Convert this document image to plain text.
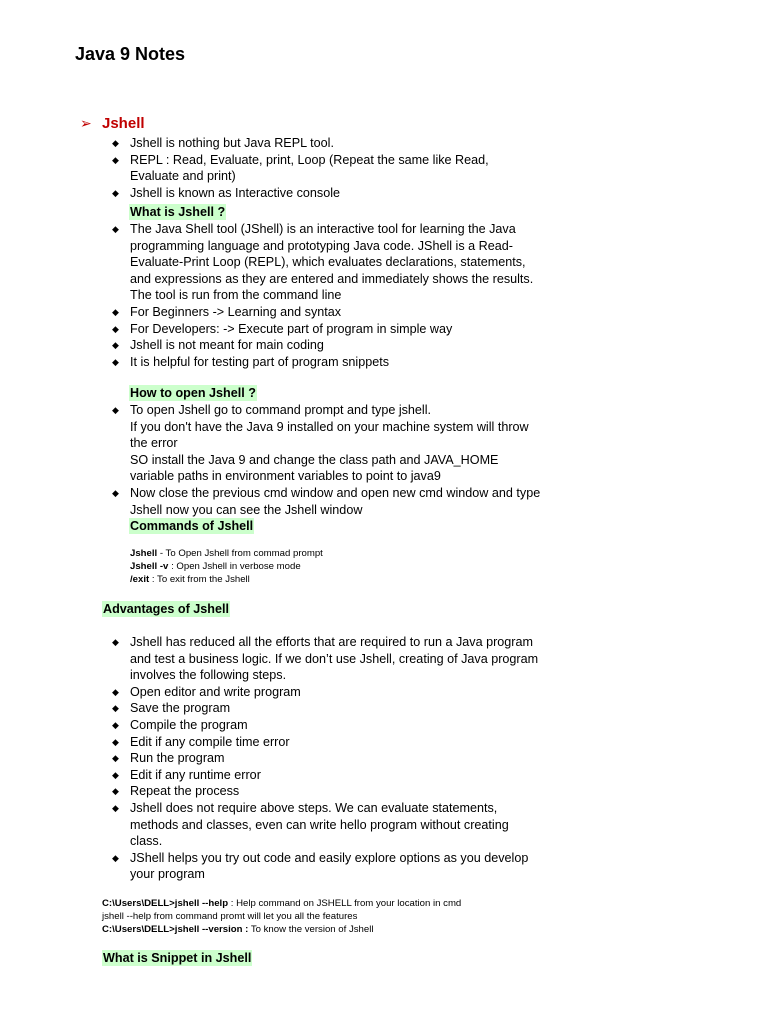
Java 9 Notes
➢ Jshell
◆ Jshell is nothing but Java REPL tool.
◆ REPL : Read, Evaluate, print, Loop (Repeat the same like Read, Evaluate and print)
◆ Jshell is known as Interactive console
What is Jshell ?
◆ The Java Shell tool (JShell) is an interactive tool for learning the Java programming language and prototyping Java code. JShell is a Read-Evaluate-Print Loop (REPL), which evaluates declarations, statements, and expressions as they are entered and immediately shows the results. The tool is run from the command line
◆ For Beginners -> Learning and syntax
◆ For Developers: -> Execute part of program in simple way
◆ Jshell is not meant for main coding
◆ It is helpful for testing part of program snippets
How to open Jshell ?
◆ To open Jshell go to command prompt and type jshell.
If you don't have the Java 9 installed on your machine system will throw the error
SO install the Java 9 and change the class path and JAVA_HOME variable paths in environment variables to point to java9
◆ Now close the previous cmd window and open new cmd window and type Jshell now you can see the Jshell window
Commands of Jshell
Jshell - To Open Jshell from commad prompt
Jshell -v : Open Jshell in verbose mode
/exit : To exit from the Jshell
Advantages of Jshell
◆ Jshell has reduced all the efforts that are required to run a Java program and test a business logic. If we don’t use Jshell, creating of Java program involves the following steps.
◆ Open editor and write program
◆ Save the program
◆ Compile the program
◆ Edit if any compile time error
◆ Run the program
◆ Edit if any runtime error
◆ Repeat the process
◆ Jshell does not require above steps. We can evaluate statements, methods and classes, even can write hello program without creating class.
◆ JShell helps you try out code and easily explore options as you develop your program
C:\Users\DELL>jshell --help : Help command on JSHELL from your location in cmd
jshell --help from command promt will let you all the features
C:\Users\DELL>jshell --version : To know the version of Jshell
What is Snippet in Jshell
